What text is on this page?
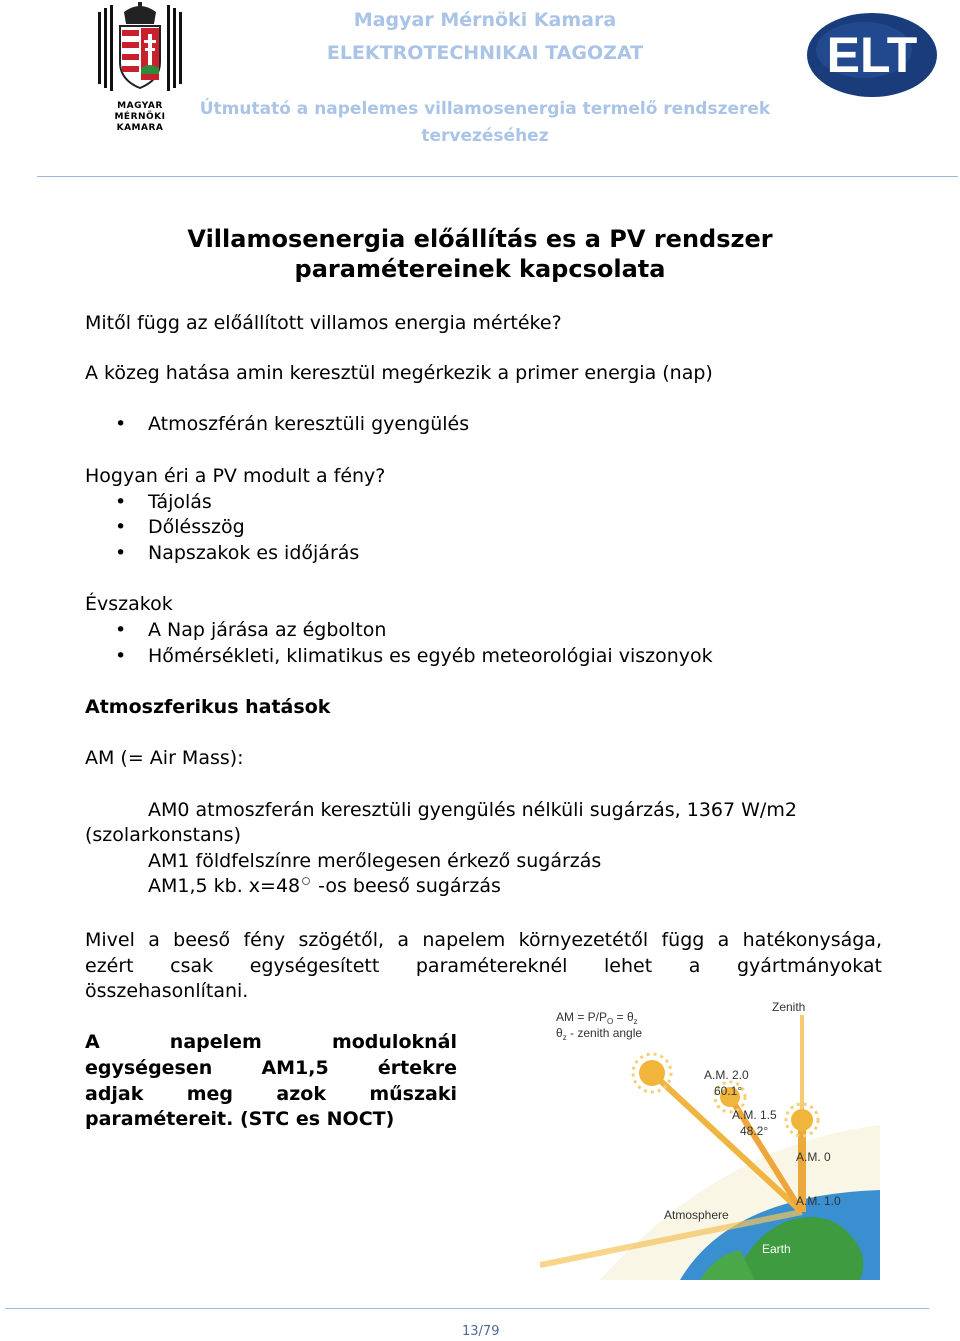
MAGYAR MÉRNÖKI
KAMARA
Magyar Mérnöki Kamara
ELEKTROTECHNIKAI TAGOZAT
Útmutató a napelemes villamosenergia termelő rendszerek
tervezéséhez
ELT
Villamosenergia előállítás es a PV rendszer
paramétereinek kapcsolata
Mitől függ az előállított villamos energia mértéke?
A közeg hatása amin keresztül megérkezik a primer energia (nap)
• Atmoszférán keresztüli gyengülés
Hogyan éri a PV modult a fény?
• Tájolás
• Dőlésszög
• Napszakok es időjárás
Évszakok
• A Nap járása az égbolton
• Hőmérsékleti, klimatikus es egyéb meteorológiai viszonyok
Atmoszferikus hatások
AM (= Air Mass):
AM0 atmoszferán keresztüli gyengülés nélküli sugárzás, 1367 W/m2
(szolarkonstans)
AM1 földfelszínre merőlegesen érkező sugárzás
AM1,5 kb. x=48 -os beeső sugárzás
Mivel a beeső fény szögétől, a napelem környezetétől függ a hatékonysága,
ezért csak egységesített paramétereknél lehet a gyártmányokat
összehasonlítani.
A napelem moduloknál
egységesen AM1,5 értekre
adjak meg azok műszaki
paramétereit. (STC es NOCT)
AM = $P/P_O = \theta_z$
$\theta_z$ - zenith angle
Zenith
A.M. 2.0
60.1°
A.M. 1.5
48.2°
A.M. 0
A.M. 1.0
Atmosphere
Earth
13/79
